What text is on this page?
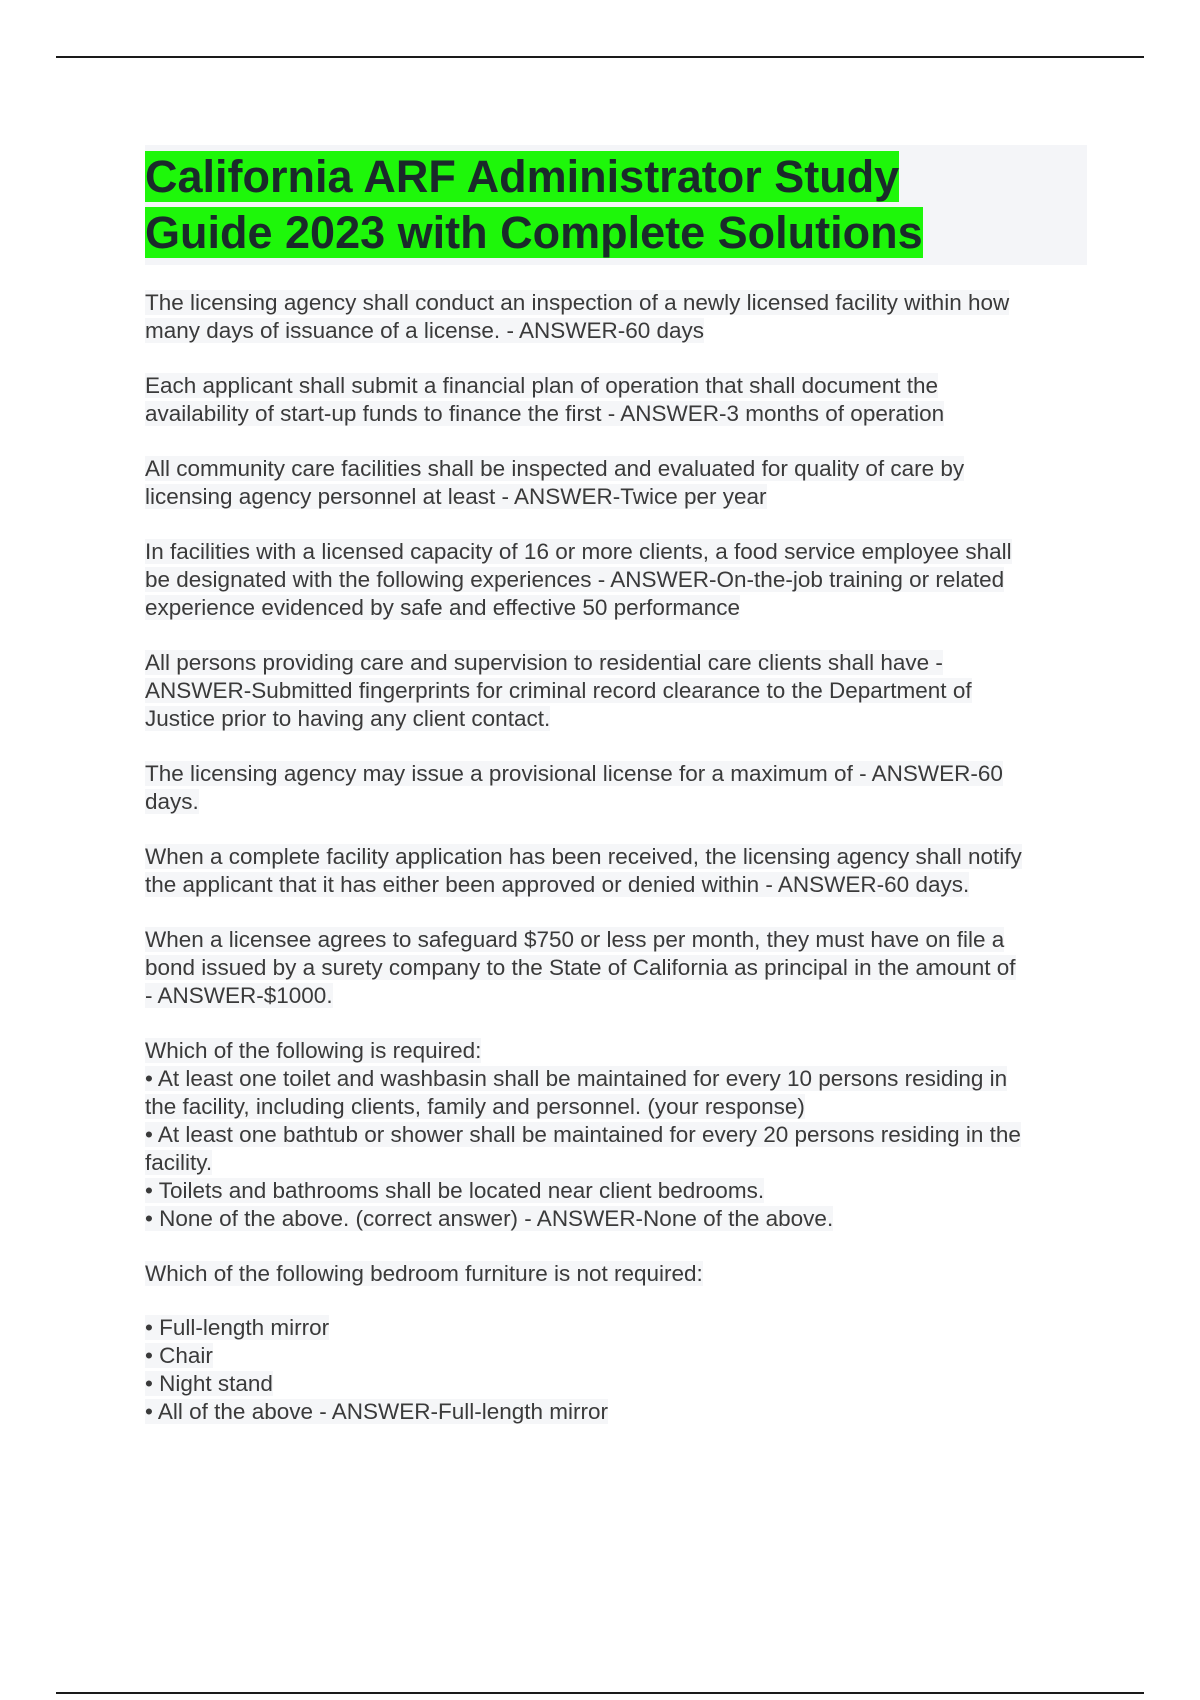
California ARF Administrator Study
Guide 2023 with Complete Solutions
The licensing agency shall conduct an inspection of a newly licensed facility within how
many days of issuance of a license. - ANSWER-60 days
Each applicant shall submit a financial plan of operation that shall document the
availability of start-up funds to finance the first - ANSWER-3 months of operation
All community care facilities shall be inspected and evaluated for quality of care by
licensing agency personnel at least - ANSWER-Twice per year
In facilities with a licensed capacity of 16 or more clients, a food service employee shall
be designated with the following experiences - ANSWER-On-the-job training or related
experience evidenced by safe and effective 50 performance
All persons providing care and supervision to residential care clients shall have -
ANSWER-Submitted fingerprints for criminal record clearance to the Department of
Justice prior to having any client contact.
The licensing agency may issue a provisional license for a maximum of - ANSWER-60
days.
When a complete facility application has been received, the licensing agency shall notify
the applicant that it has either been approved or denied within - ANSWER-60 days.
When a licensee agrees to safeguard $750 or less per month, they must have on file a
bond issued by a surety company to the State of California as principal in the amount of
- ANSWER-$1000.
Which of the following is required:
• At least one toilet and washbasin shall be maintained for every 10 persons residing in
the facility, including clients, family and personnel. (your response)
• At least one bathtub or shower shall be maintained for every 20 persons residing in the
facility.
• Toilets and bathrooms shall be located near client bedrooms.
• None of the above. (correct answer) - ANSWER-None of the above.
Which of the following bedroom furniture is not required:
• Full-length mirror
• Chair
• Night stand
• All of the above - ANSWER-Full-length mirror
